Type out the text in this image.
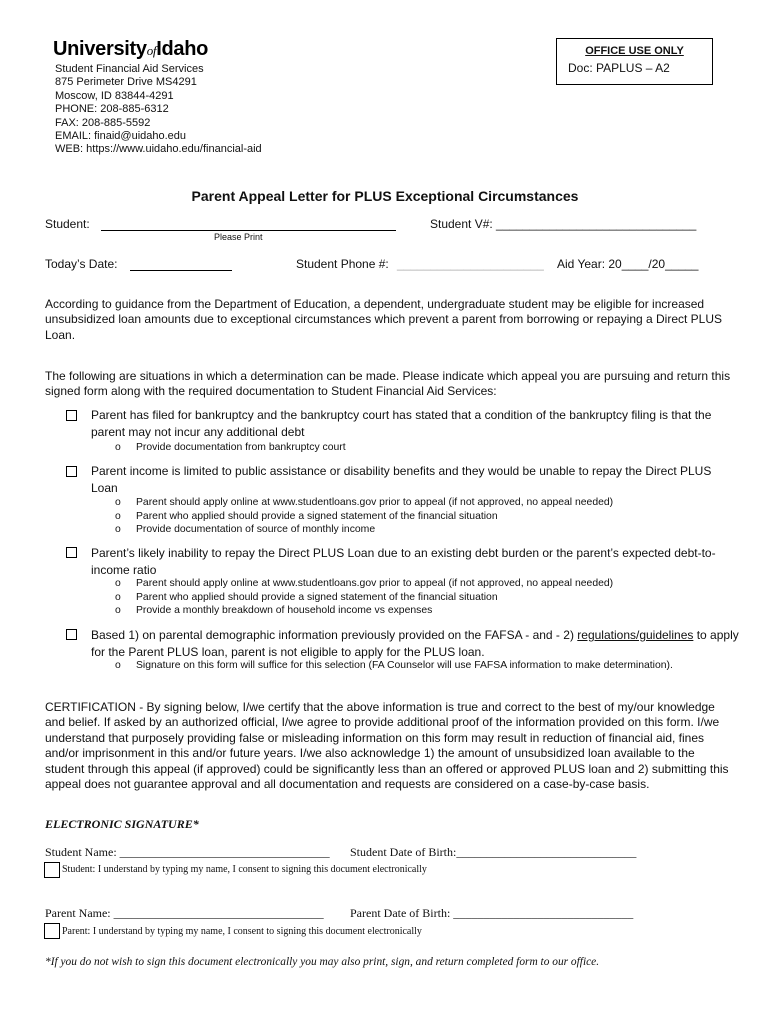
UniversityofIdaho
Student Financial Aid Services
875 Perimeter Drive MS4291
Moscow, ID 83844-4291
PHONE: 208-885-6312
FAX: 208-885-5592
EMAIL: finaid@uidaho.edu
WEB: https://www.uidaho.edu/financial-aid
OFFICE USE ONLY
Doc: PAPLUS – A2
Parent Appeal Letter for PLUS Exceptional Circumstances
Student:
Please Print
Student V#: ______________________________
Today’s Date:	Student Phone #: ______________________ Aid Year: 20____/20_____
According to guidance from the Department of Education, a dependent, undergraduate student may be eligible for increased unsubsidized loan amounts due to exceptional circumstances which prevent a parent from borrowing or repaying a Direct PLUS Loan.
The following are situations in which a determination can be made. Please indicate which appeal you are pursuing and return this signed form along with the required documentation to Student Financial Aid Services:
Parent has filed for bankruptcy and the bankruptcy court has stated that a condition of the bankruptcy filing is that the parent may not incur any additional debt
o Provide documentation from bankruptcy court
Parent income is limited to public assistance or disability benefits and they would be unable to repay the Direct PLUS Loan
o Parent should apply online at www.studentloans.gov prior to appeal (if not approved, no appeal needed)
o Parent who applied should provide a signed statement of the financial situation
o Provide documentation of source of monthly income
Parent’s likely inability to repay the Direct PLUS Loan due to an existing debt burden or the parent’s expected debt-to-income ratio
o Parent should apply online at www.studentloans.gov prior to appeal (if not approved, no appeal needed)
o Parent who applied should provide a signed statement of the financial situation
o Provide a monthly breakdown of household income vs expenses
Based 1) on parental demographic information previously provided on the FAFSA - and - 2) regulations/guidelines to apply for the Parent PLUS loan, parent is not eligible to apply for the PLUS loan.
o Signature on this form will suffice for this selection (FA Counselor will use FAFSA information to make determination).
CERTIFICATION - By signing below, I/we certify that the above information is true and correct to the best of my/our knowledge and belief. If asked by an authorized official, I/we agree to provide additional proof of the information provided on this form. I/we understand that purposely providing false or misleading information on this form may result in reduction of financial aid, fines and/or imprisonment in this and/or future years. I/we also acknowledge 1) the amount of unsubsidized loan available to the student through this appeal (if approved) could be significantly less than an offered or approved PLUS loan and 2) submitting this appeal does not guarantee approval and all documentation and requests are considered on a case-by-case basis.
ELECTRONIC SIGNATURE*
Student Name: ___________________________________ Student Date of Birth:______________________________
Student: I understand by typing my name, I consent to signing this document electronically
Parent Name: ___________________________________ Parent Date of Birth: ______________________________
Parent: I understand by typing my name, I consent to signing this document electronically
*If you do not wish to sign this document electronically you may also print, sign, and return completed form to our office.
